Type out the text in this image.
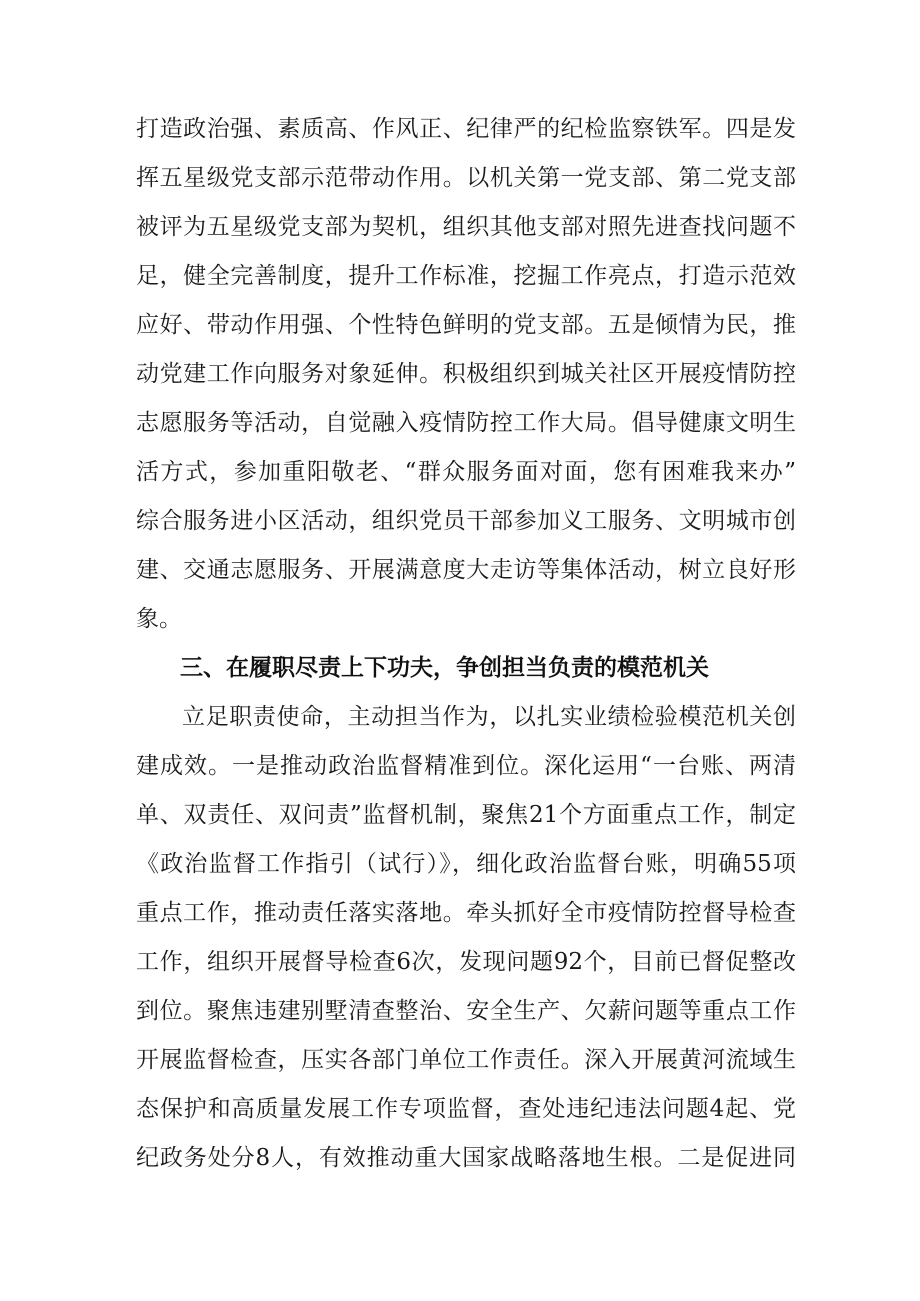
打造政治强、素质高、作风正、纪律严的纪检监察铁军。四是发
挥五星级党支部示范带动作用。以机关第一党支部、第二党支部
被评为五星级党支部为契机，组织其他支部对照先进查找问题不
足，健全完善制度，提升工作标准，挖掘工作亮点，打造示范效
应好、带动作用强、个性特色鲜明的党支部。五是倾情为民，推
动党建工作向服务对象延伸。积极组织到城关社区开展疫情防控
志愿服务等活动，自觉融入疫情防控工作大局。倡导健康文明生
活方式，参加重阳敬老、“群众服务面对面，您有困难我来办”
综合服务进小区活动，组织党员干部参加义工服务、文明城市创
建、交通志愿服务、开展满意度大走访等集体活动，树立良好形
象。
三、在履职尽责上下功夫，争创担当负责的模范机关
立足职责使命，主动担当作为，以扎实业绩检验模范机关创
建成效。一是推动政治监督精准到位。深化运用“一台账、两清
单、双责任、双问责”监督机制，聚焦21个方面重点工作，制定
《政治监督工作指引（试行）》，细化政治监督台账，明确55项
重点工作，推动责任落实落地。牵头抓好全市疫情防控督导检查
工作，组织开展督导检查6次，发现问题92个，目前已督促整改
到位。聚焦违建别墅清查整治、安全生产、欠薪问题等重点工作
开展监督检查，压实各部门单位工作责任。深入开展黄河流域生
态保护和高质量发展工作专项监督，查处违纪违法问题4起、党
纪政务处分8人，有效推动重大国家战略落地生根。二是促进同
